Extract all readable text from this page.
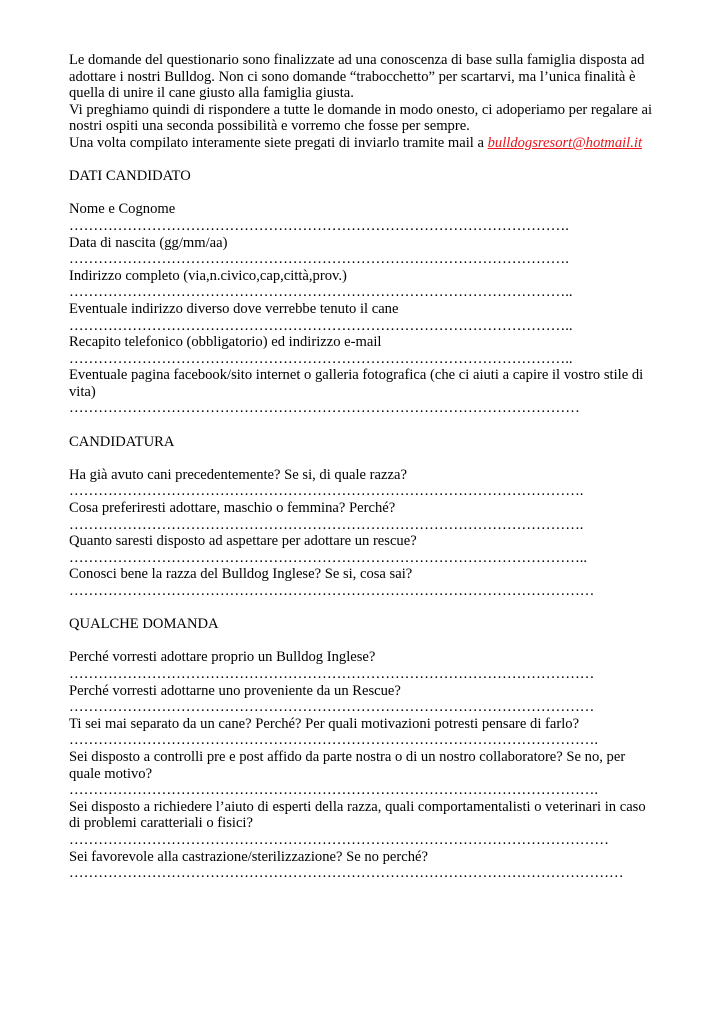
Le domande del questionario sono finalizzate ad una conoscenza di base sulla famiglia disposta ad adottare i nostri Bulldog. Non ci sono domande “trabocchetto” per scartarvi, ma l’unica finalità è quella di unire il cane giusto alla famiglia giusta.

Vi preghiamo quindi di rispondere a tutte le domande in modo onesto, ci adoperiamo per regalare ai nostri ospiti una seconda possibilità e vorremo che fosse per sempre.

Una volta compilato interamente siete pregati di inviarlo tramite mail a bulldogsresort@hotmail.it

DATI CANDIDATO

Nome e Cognome

………………………………………………………………………………………….

Data di nascita (gg/mm/aa)

………………………………………………………………………………………….

Indirizzo completo (via,n.civico,cap,città,prov.)

…………………………………………………………………………………………..

Eventuale indirizzo diverso dove verrebbe tenuto il cane

…………………………………………………………………………………………..

Recapito telefonico (obbligatorio) ed indirizzo e-mail

…………………………………………………………………………………………..

Eventuale pagina facebook/sito internet o galleria fotografica (che ci aiuti a capire il vostro stile di vita)

……………………………………………………………………………………………

CANDIDATURA

Ha già avuto cani precedentemente? Se si, di quale razza?

…………………………………………………………………………………………….

Cosa preferiresti adottare, maschio o femmina? Perché?

…………………………………………………………………………………………….

Quanto saresti disposto ad aspettare per adottare un rescue?

……………………………………………………………………………………………..

Conosci bene la razza del Bulldog Inglese? Se si, cosa sai?

………………………………………………………………………………………………

QUALCHE DOMANDA

Perché vorresti adottare proprio un Bulldog Inglese?

………………………………………………………………………………………………

Perché vorresti adottarne uno proveniente da un Rescue?

………………………………………………………………………………………………

Ti sei mai separato da un cane? Perché? Per quali motivazioni potresti pensare di farlo?

……………………………………………………………………………………………….

Sei disposto a controlli pre e post affido da parte nostra o di un nostro collaboratore? Se no, per quale motivo?

……………………………………………………………………………………………….

Sei disposto a richiedere l’aiuto di esperti della razza, quali comportamentalisti o veterinari in caso di problemi caratteriali o fisici?

…………………………………………………………………………………………………

Sei favorevole alla castrazione/sterilizzazione? Se no perché?

……………………………………………………………………………………………………
